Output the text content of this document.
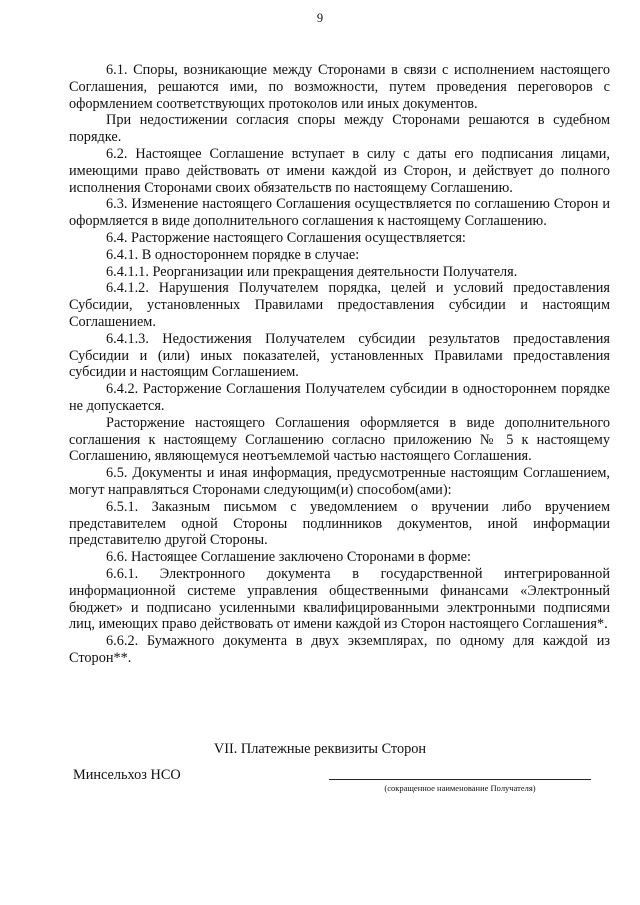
9

6.1. Споры, возникающие между Сторонами в связи с исполнением настоящего Соглашения, решаются ими, по возможности, путем проведения переговоров с оформлением соответствующих протоколов или иных документов.

При недостижении согласия споры между Сторонами решаются в судебном порядке.

6.2. Настоящее Соглашение вступает в силу с даты его подписания лицами, имеющими право действовать от имени каждой из Сторон, и действует до полного исполнения Сторонами своих обязательств по настоящему Соглашению.

6.3. Изменение настоящего Соглашения осуществляется по соглашению Сторон и оформляется в виде дополнительного соглашения к настоящему Соглашению.

6.4. Расторжение настоящего Соглашения осуществляется:

6.4.1. В одностороннем порядке в случае:

6.4.1.1. Реорганизации или прекращения деятельности Получателя.

6.4.1.2. Нарушения Получателем порядка, целей и условий предоставления Субсидии, установленных Правилами предоставления субсидии и настоящим Соглашением.

6.4.1.3. Недостижения Получателем субсидии результатов предоставления Субсидии и (или) иных показателей, установленных Правилами предоставления субсидии и настоящим Соглашением.

6.4.2. Расторжение Соглашения Получателем субсидии в одностороннем порядке не допускается.

Расторжение настоящего Соглашения оформляется в виде дополнительного соглашения к настоящему Соглашению согласно приложению № 5 к настоящему Соглашению, являющемуся неотъемлемой частью настоящего Соглашения.

6.5. Документы и иная информация, предусмотренные настоящим Соглашением, могут направляться Сторонами следующим(и) способом(ами):

6.5.1. Заказным письмом с уведомлением о вручении либо вручением представителем одной Стороны подлинников документов, иной информации представителю другой Стороны.

6.6. Настоящее Соглашение заключено Сторонами в форме:

6.6.1. Электронного документа в государственной интегрированной информационной системе управления общественными финансами «Электронный бюджет» и подписано усиленными квалифицированными электронными подписями лиц, имеющих право действовать от имени каждой из Сторон настоящего Соглашения*.

6.6.2. Бумажного документа в двух экземплярах, по одному для каждой из Сторон**.

VII. Платежные реквизиты Сторон
Минсельхоз НСО
(сокращенное наименование Получателя)
